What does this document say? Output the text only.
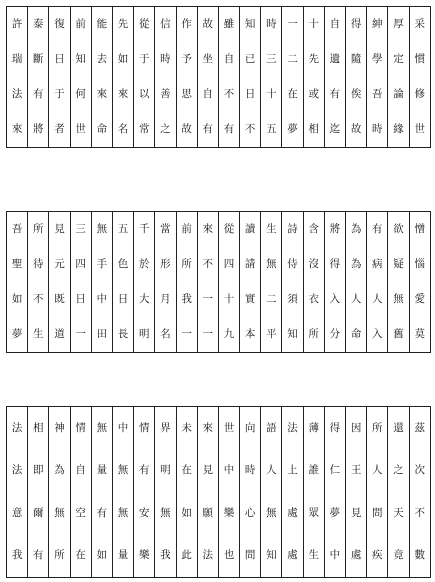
許
瑞
法
來

泰
斷
有
將

復
日
于
者

前
知
何
世

能
去
來
命

先
如
來
名

從
于
以
常

信
時
善
之

作
予
思
故

故
坐
自
有

雖
自
不
有

知
已
日
不

時
三
十
五

一
二
在
夢

十
先
或
相

自
遺
有
迄

得
隨
俟
故

紳
學
吾
時

厚
定
論
緣

采
慣
修
世
吾
聖
如
夢

所
待
不
生

見
元
既
道

三
四
日
一

無
手
中
田

五
色
日
長

千
於
大
明

當
形
月
名

前
所
我
一

來
不
一
一

從
四
十
九

讀
請
實
本

生
無
二
平

詩
侍
須
知

含
沒
衣
所

將
得
入
分

為
為
人
命

有
病
人
入

欲
疑
無
舊

憎
惱
愛
莫
法
法
意
我

相
即
爾
有

神
為
無
所

情
自
空
在

無
量
有
如

中
無
無
量

情
有
安
樂

界
明
無
我

未
在
如
此

來
見
願
法

世
中
樂
也

向
時
心
問

語
人
無
知

法
上
處
處

薄
誰
眾
生

得
仁
夢
中

因
王
見
處

所
人
問
疾

還
之
天
竟

茲
次
不
數
